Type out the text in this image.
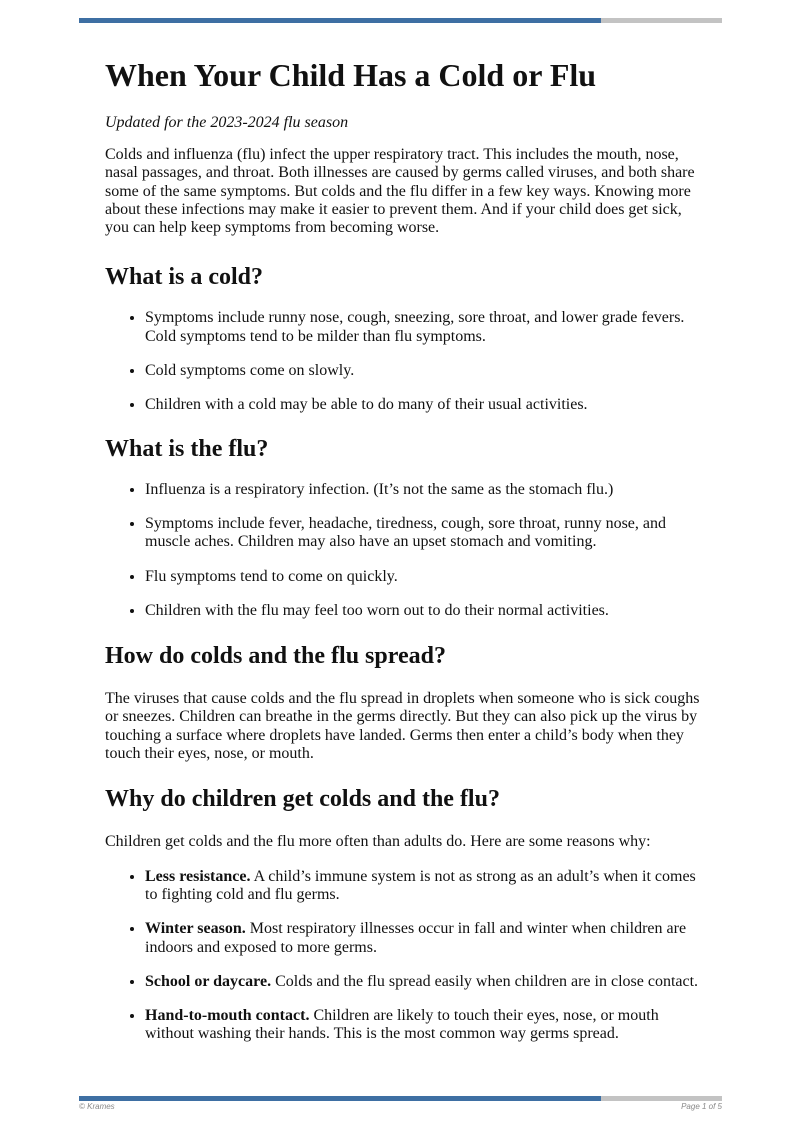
When Your Child Has a Cold or Flu
Updated for the 2023-2024 flu season

Colds and influenza (flu) infect the upper respiratory tract. This includes the mouth, nose, nasal passages, and throat. Both illnesses are caused by germs called viruses, and both share some of the same symptoms. But colds and the flu differ in a few key ways. Knowing more about these infections may make it easier to prevent them. And if your child does get sick, you can help keep symptoms from becoming worse.

What is a cold?
• Symptoms include runny nose, cough, sneezing, sore throat, and lower grade fevers. Cold symptoms tend to be milder than flu symptoms.
• Cold symptoms come on slowly.
• Children with a cold may be able to do many of their usual activities.
What is the flu?
• Influenza is a respiratory infection. (It’s not the same as the stomach flu.)
• Symptoms include fever, headache, tiredness, cough, sore throat, runny nose, and muscle aches. Children may also have an upset stomach and vomiting.
• Flu symptoms tend to come on quickly.
• Children with the flu may feel too worn out to do their normal activities.
How do colds and the flu spread?

The viruses that cause colds and the flu spread in droplets when someone who is sick coughs or sneezes. Children can breathe in the germs directly. But they can also pick up the virus by touching a surface where droplets have landed. Germs then enter a child’s body when they touch their eyes, nose, or mouth.

Why do children get colds and the flu?

Children get colds and the flu more often than adults do. Here are some reasons why:

• Less resistance. A child’s immune system is not as strong as an adult’s when it comes to fighting cold and flu germs.
• Winter season. Most respiratory illnesses occur in fall and winter when children are indoors and exposed to more germs.
• School or daycare. Colds and the flu spread easily when children are in close contact.
• Hand-to-mouth contact. Children are likely to touch their eyes, nose, or mouth without washing their hands. This is the most common way germs spread.
© Krames	Page 1 of 5
